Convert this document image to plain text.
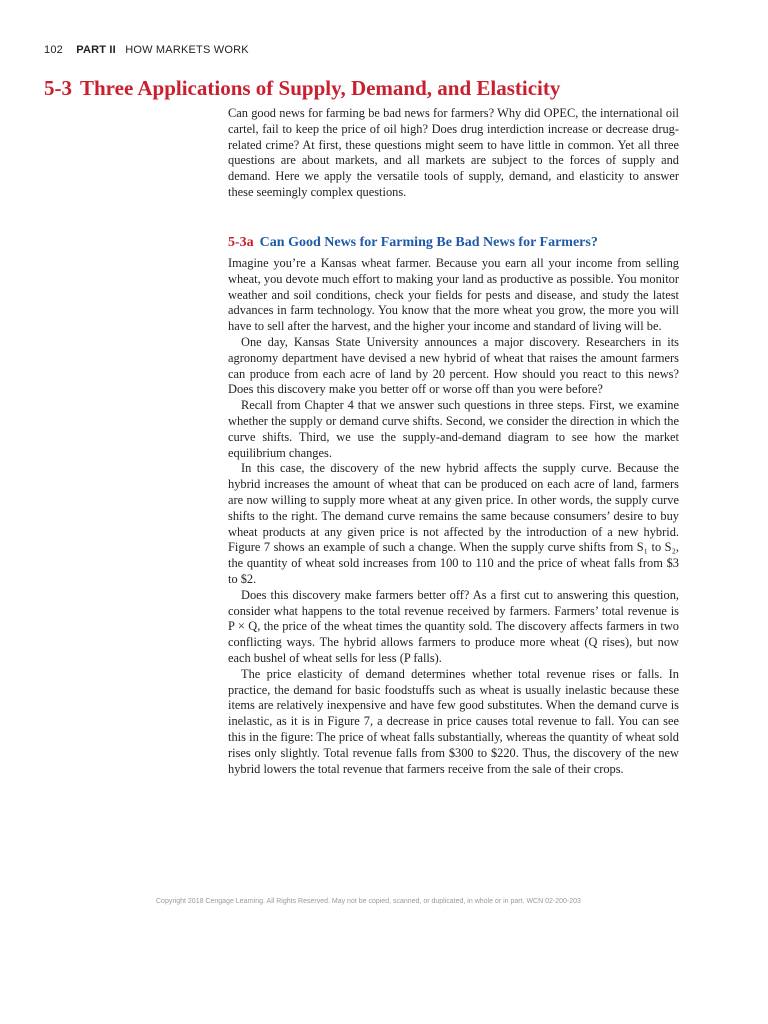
102 PART II HOW MARKETS WORK
5-3 Three Applications of Supply, Demand, and Elasticity

Can good news for farming be bad news for farmers? Why did OPEC, the international oil cartel, fail to keep the price of oil high? Does drug interdiction increase or decrease drug-related crime? At first, these questions might seem to have little in common. Yet all three questions are about markets, and all markets are subject to the forces of supply and demand. Here we apply the versatile tools of supply, demand, and elasticity to answer these seemingly complex questions.

5-3a Can Good News for Farming Be Bad News for Farmers?

Imagine you’re a Kansas wheat farmer. Because you earn all your income from selling wheat, you devote much effort to making your land as productive as possible. You monitor weather and soil conditions, check your fields for pests and disease, and study the latest advances in farm technology. You know that the more wheat you grow, the more you will have to sell after the harvest, and the higher your income and standard of living will be.

One day, Kansas State University announces a major discovery. Researchers in its agronomy department have devised a new hybrid of wheat that raises the amount farmers can produce from each acre of land by 20 percent. How should you react to this news? Does this discovery make you better off or worse off than you were before?

Recall from Chapter 4 that we answer such questions in three steps. First, we examine whether the supply or demand curve shifts. Second, we consider the direction in which the curve shifts. Third, we use the supply-and-demand diagram to see how the market equilibrium changes.

In this case, the discovery of the new hybrid affects the supply curve. Because the hybrid increases the amount of wheat that can be produced on each acre of land, farmers are now willing to supply more wheat at any given price. In other words, the supply curve shifts to the right. The demand curve remains the same because consumers’ desire to buy wheat products at any given price is not affected by the introduction of a new hybrid. Figure 7 shows an example of such a change. When the supply curve shifts from S₁ to S₂, the quantity of wheat sold increases from 100 to 110 and the price of wheat falls from $3 to $2.

Does this discovery make farmers better off? As a first cut to answering this question, consider what happens to the total revenue received by farmers. Farmers’ total revenue is P × Q, the price of the wheat times the quantity sold. The discovery affects farmers in two conflicting ways. The hybrid allows farmers to produce more wheat (Q rises), but now each bushel of wheat sells for less (P falls).

The price elasticity of demand determines whether total revenue rises or falls. In practice, the demand for basic foodstuffs such as wheat is usually inelastic because these items are relatively inexpensive and have few good substitutes. When the demand curve is inelastic, as it is in Figure 7, a decrease in price causes total revenue to fall. You can see this in the figure: The price of wheat falls substantially, whereas the quantity of wheat sold rises only slightly. Total revenue falls from $300 to $220. Thus, the discovery of the new hybrid lowers the total revenue that farmers receive from the sale of their crops.

Copyright 2018 Cengage Learning. All Rights Reserved. May not be copied, scanned, or duplicated, in whole or in part. WCN 02-200-203
